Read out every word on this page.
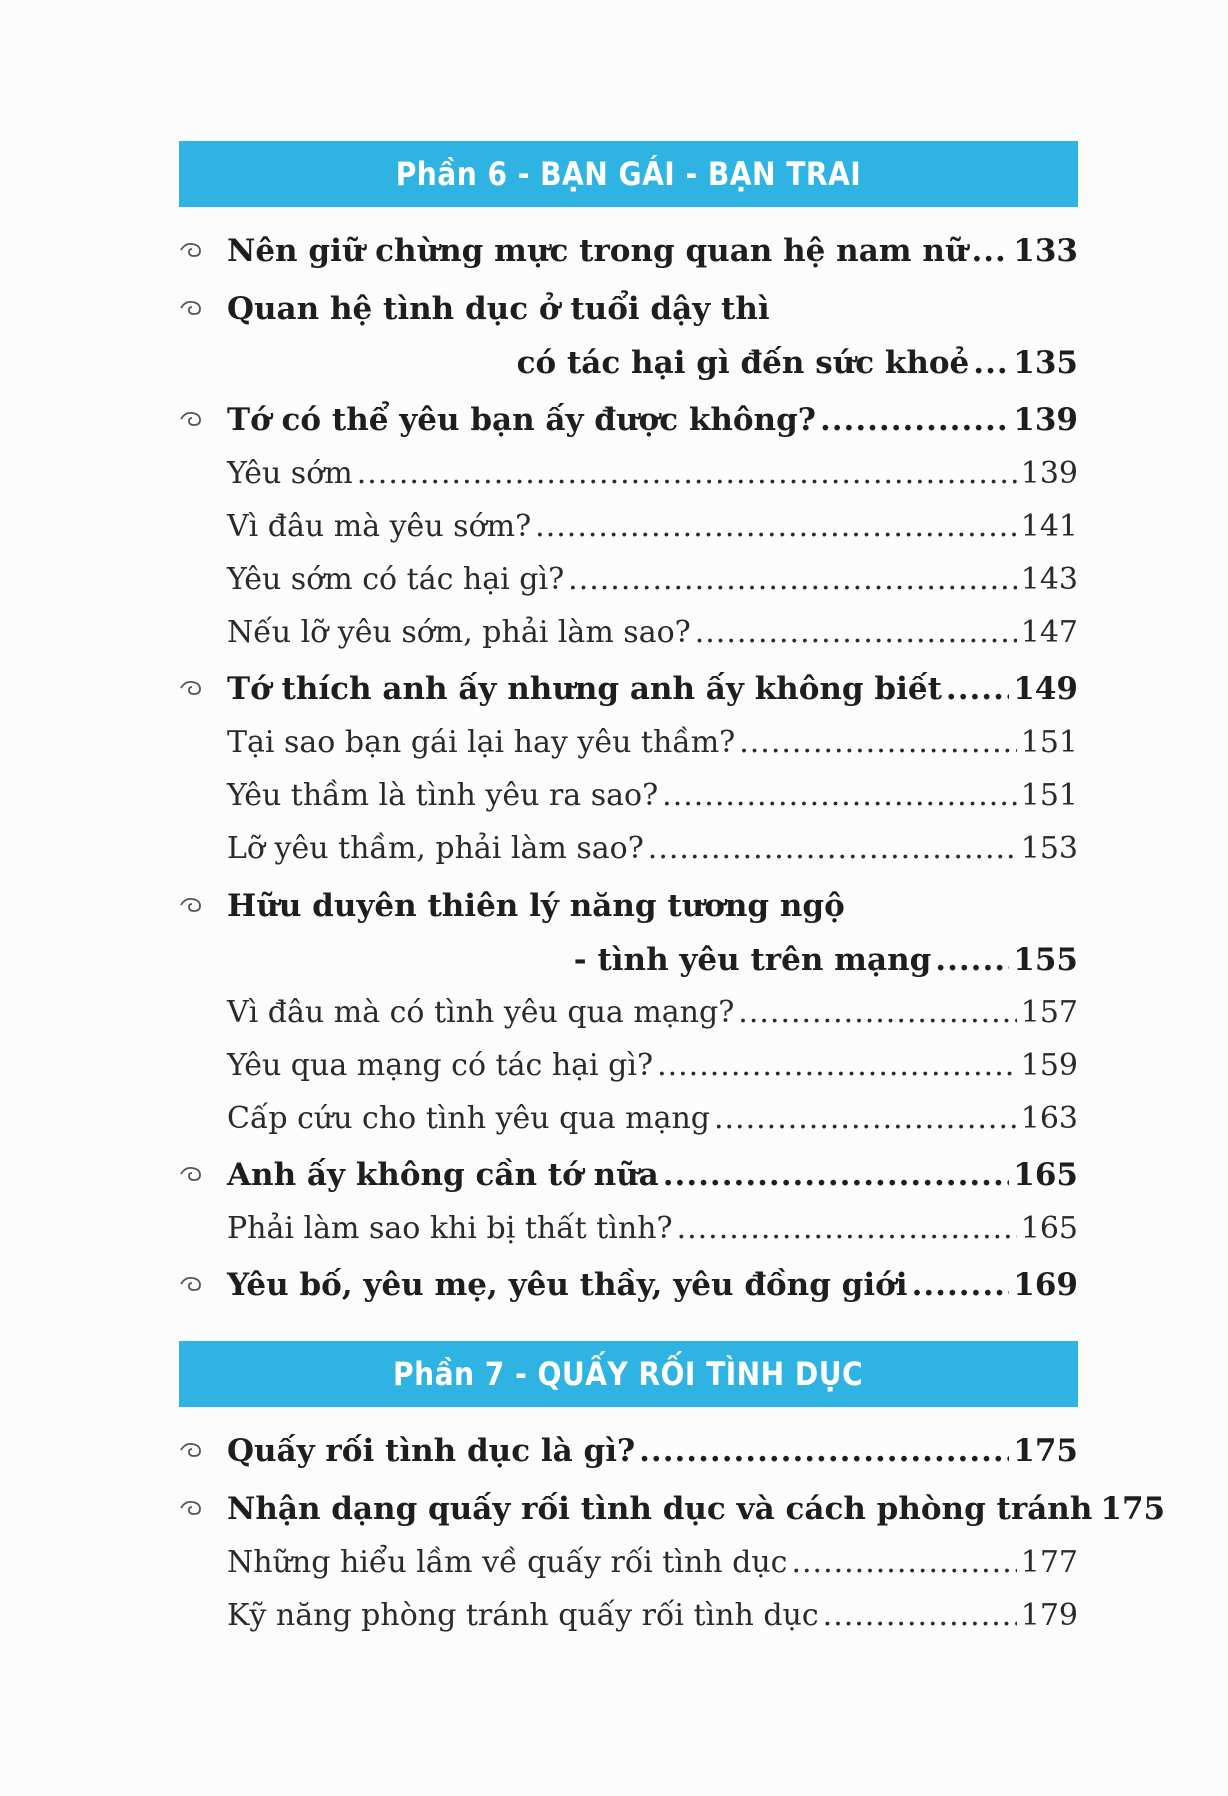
Phần 6 - BẠN GÁI - BẠN TRAI
Nên giữ chừng mực trong quan hệ nam nữ ..... 133
Quan hệ tình dục ở tuổi dậy thì
có tác hại gì đến sức khoẻ ..... 135
Tớ có thể yêu bạn ấy được không? .....	139
Yêu sớm .....	139
Vì đâu mà yêu sớm? .....	141
Yêu sớm có tác hại gì? .....	143
Nếu lỡ yêu sớm, phải làm sao? .....	147
Tớ thích anh ấy nhưng anh ấy không biết ..... 149
Tại sao bạn gái lại hay yêu thầm? .....	151
Yêu thầm là tình yêu ra sao? .....	151
Lỡ yêu thầm, phải làm sao? .....	153
Hữu duyên thiên lý năng tương ngộ
- tình yêu trên mạng .....	155
Vì đâu mà có tình yêu qua mạng? .....	157
Yêu qua mạng có tác hại gì? .....	159
Cấp cứu cho tình yêu qua mạng .....	163
Anh ấy không cần tớ nữa .....	165
Phải làm sao khi bị thất tình? .....	165
Yêu bố, yêu mẹ, yêu thầy, yêu đồng giới .....	169
Phần 7 - QUẤY RỐI TÌNH DỤC
Quấy rối tình dục là gì? .....	175
Nhận dạng quấy rối tình dục và cách phòng tránh 175
Những hiểu lầm về quấy rối tình dục .....	177
Kỹ năng phòng tránh quấy rối tình dục .....	179
